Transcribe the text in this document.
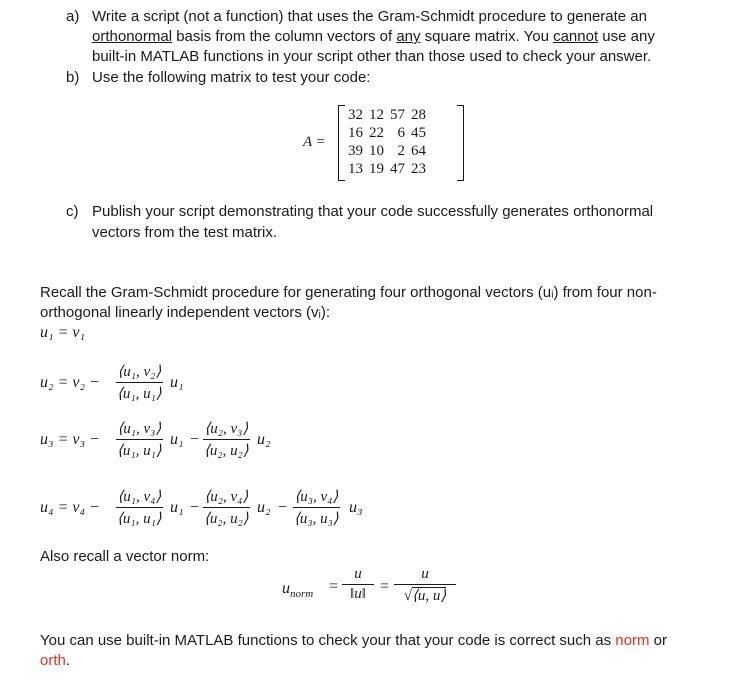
a) Write a script (not a function) that uses the Gram-Schmidt procedure to generate an
orthonormal basis from the column vectors of any square matrix. You cannot use any
built-in MATLAB functions in your script other than those used to check your answer.
b) Use the following matrix to test your code:
A =
32	12	57	28
16	22	6	45
39	10	2	64
13	19	47	23
c) Publish your script demonstrating that your code successfully generates orthonormal
vectors from the test matrix.
Recall the Gram-Schmidt procedure for generating four orthogonal vectors (uᵢ) from four non-
orthogonal linearly independent vectors (vᵢ):
u₁ = v₁
u₂ = v₂ −
⟨u₁, v₂⟩
⟨u₁, u₁⟩
u₁
u₃ = v₃ −
⟨u₁, v₃⟩
⟨u₁, u₁⟩
u₁ −
⟨u₂, v₃⟩
⟨u₂, u₂⟩
u₂
u₄ = v₄ −
⟨u₁, v₄⟩
⟨u₁, u₁⟩
u₁ −
⟨u₂, v₄⟩
⟨u₂, u₂⟩
u₂ −
⟨u₃, v₄⟩
⟨u₃, u₃⟩
u₃
Also recall a vector norm:
$u_{norm}$ =
u
‖u‖ =
u
√⟨u, u⟩
You can use built-in MATLAB functions to check your that your code is correct such as norm or
orth.
